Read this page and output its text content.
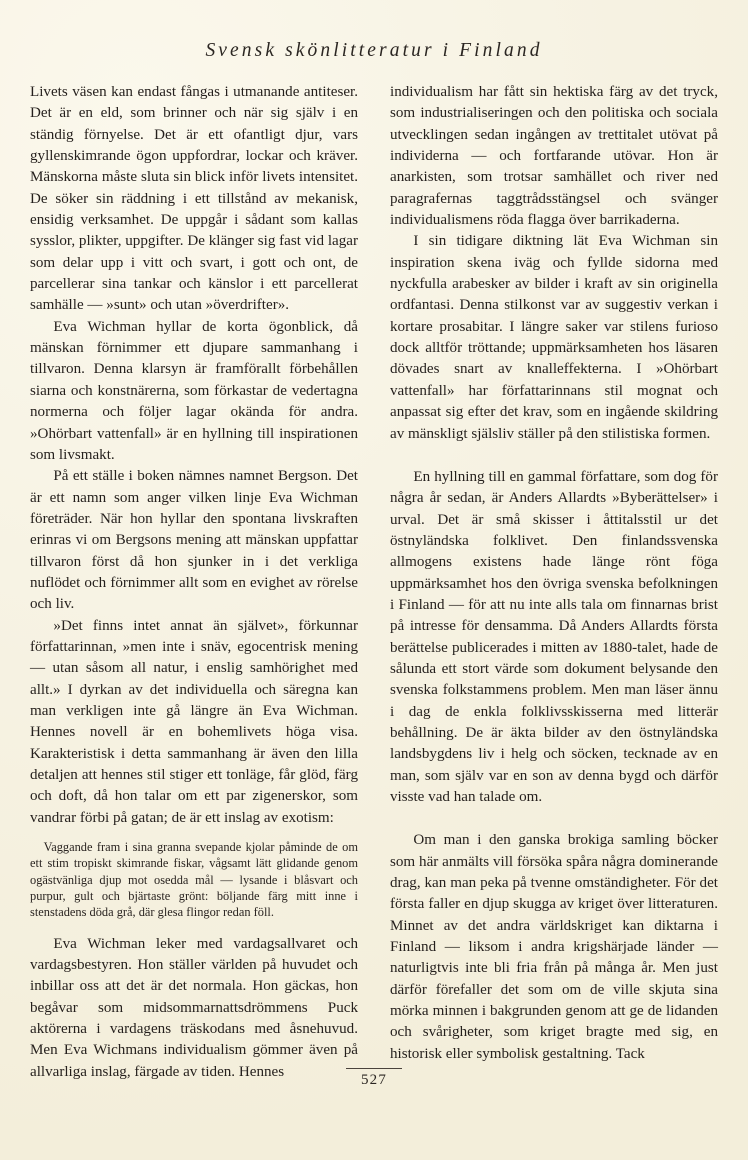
Svensk skönlitteratur i Finland

Livets väsen kan endast fångas i utmanande antiteser. Det är en eld, som brinner och när sig själv i en ständig förnyelse. Det är ett ofantligt djur, vars gyllenskimrande ögon uppfordrar, lockar och kräver. Mänskorna måste sluta sin blick inför livets intensitet. De söker sin räddning i ett tillstånd av mekanisk, ensidig verksamhet. De uppgår i sådant som kallas sysslor, plikter, uppgifter. De klänger sig fast vid lagar som delar upp i vitt och svart, i gott och ont, de parcellerar sina tankar och känslor i ett parcellerat samhälle — »sunt» och utan »överdrifter».

Eva Wichman hyllar de korta ögonblick, då mänskan förnimmer ett djupare sammanhang i tillvaron. Denna klarsyn är framförallt förbehållen siarna och konstnärerna, som förkastar de vedertagna normerna och följer lagar okända för andra. »Ohörbart vattenfall» är en hyllning till inspirationen som livsmakt.

På ett ställe i boken nämnes namnet Bergson. Det är ett namn som anger vilken linje Eva Wichman företräder. När hon hyllar den spontana livskraften erinras vi om Bergsons mening att mänskan uppfattar tillvaron först då hon sjunker in i det verkliga nuflödet och förnimmer allt som en evighet av rörelse och liv.

»Det finns intet annat än självet», förkunnar författarinnan, »men inte i snäv, egocentrisk mening — utan såsom all natur, i enslig samhörighet med allt.» I dyrkan av det individuella och säregna kan man verkligen inte gå längre än Eva Wichman. Hennes novell är en bohemlivets höga visa. Karakteristisk i detta sammanhang är även den lilla detaljen att hennes stil stiger ett tonläge, får glöd, färg och doft, då hon talar om ett par zigenerskor, som vandrar förbi på gatan; de är ett inslag av exotism:

Vaggande fram i sina granna svepande kjolar påminde de om ett stim tropiskt skimrande fiskar, vågsamt lätt glidande genom ogästvänliga djup mot osedda mål — lysande i blåsvart och purpur, gult och bjärtaste grönt: böljande färg mitt inne i stenstadens döda grå, där glesa flingor redan föll.

Eva Wichman leker med vardagsallvaret och vardagsbestyren. Hon ställer världen på huvudet och inbillar oss att det är det normala. Hon gäckas, hon begåvar som midsommarnattsdrömmens Puck aktörerna i vardagens träskodans med åsnehuvud. Men Eva Wichmans individualism gömmer även på allvarliga inslag, färgade av tiden. Hennes

individualism har fått sin hektiska färg av det tryck, som industrialiseringen och den politiska och sociala utvecklingen sedan ingången av trettitalet utövat på individerna — och fortfarande utövar. Hon är anarkisten, som trotsar samhället och river ned paragrafernas taggtrådsstängsel och svänger individualismens röda flagga över barrikaderna.

I sin tidigare diktning lät Eva Wichman sin inspiration skena iväg och fyllde sidorna med nyckfulla arabesker av bilder i kraft av sin originella ordfantasi. Denna stilkonst var av suggestiv verkan i kortare prosabitar. I längre saker var stilens furioso dock alltför tröttande; uppmärksamheten hos läsaren dövades snart av knalleffekterna. I »Ohörbart vattenfall» har författarinnans stil mognat och anpassat sig efter det krav, som en ingående skildring av mänskligt själsliv ställer på den stilistiska formen.

En hyllning till en gammal författare, som dog för några år sedan, är Anders Allardts »Byberättelser» i urval. Det är små skisser i åttitalsstil ur det östnyländska folklivet. Den finlandssvenska allmogens existens hade länge rönt föga uppmärksamhet hos den övriga svenska befolkningen i Finland — för att nu inte alls tala om finnarnas brist på intresse för densamma. Då Anders Allardts första berättelse publicerades i mitten av 1880-talet, hade de sålunda ett stort värde som dokument belysande den svenska folkstammens problem. Men man läser ännu i dag de enkla folklivsskisserna med litterär behållning. De är äkta bilder av den östnyländska landsbygdens liv i helg och söcken, tecknade av en man, som själv var en son av denna bygd och därför visste vad han talade om.

Om man i den ganska brokiga samling böcker som här anmälts vill försöka spåra några dominerande drag, kan man peka på tvenne omständigheter. För det första faller en djup skugga av kriget över litteraturen. Minnet av det andra världskriget kan diktarna i Finland — liksom i andra krigshärjade länder — naturligtvis inte bli fria från på många år. Men just därför förefaller det som om de ville skjuta sina mörka minnen i bakgrunden genom att ge de lidanden och svårigheter, som kriget bragte med sig, en historisk eller symbolisk gestaltning. Tack

527
